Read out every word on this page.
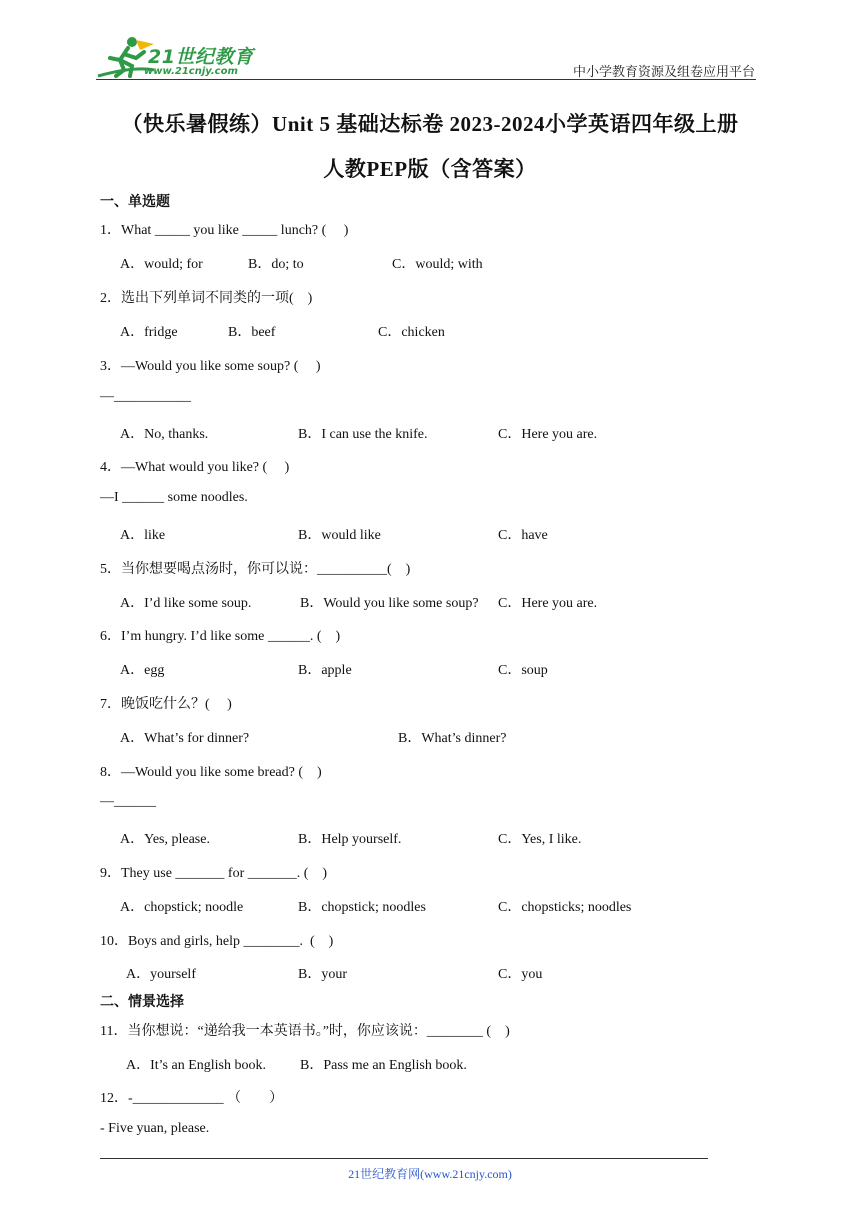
21世纪教育
www.21cnjy.com	中小学教育资源及组卷应用平台
（快乐暑假练）Unit 5 基础达标卷 2023-2024小学英语四年级上册
人教PEP版（含答案）
一、单选题
1．What _____ you like _____ lunch? (     )
A．would; for	B．do; to	C．would; with
2．选出下列单词不同类的一项(    )
A．fridge	B．beef	C．chicken
3．—Would you like some soup? (     )
—___________
A．No, thanks.	B．I can use the knife.	C．Here you are.
4．—What would you like? (     )
—I ______ some noodles.
A．like	B．would like	C．have
5．当你想要喝点汤时，你可以说：__________(    )
A．I’d like some soup.	B．Would you like some soup? C．Here you are.
6．I’m hungry. I’d like some ______. (    )
A．egg	B．apple	C．soup
7．晚饭吃什么？(     )
A．What’s for dinner?	B．What’s dinner?
8．—Would you like some bread? (    )
—______
A．Yes, please.	B．Help yourself.	C．Yes, I like.
9．They use _______ for _______. (    )
A．chopstick; noodle	B．chopstick; noodles	C．chopsticks; noodles
10．Boys and girls, help ________.  (    )
A．yourself	B．your	C．you
二、情景选择
11．当你想说：“递给我一本英语书。”时，你应该说：________ (    )
A．It’s an English book. B．Pass me an English book.
12．-_____________ （        ）
- Five yuan, please.
21世纪教育网(www.21cnjy.com)
